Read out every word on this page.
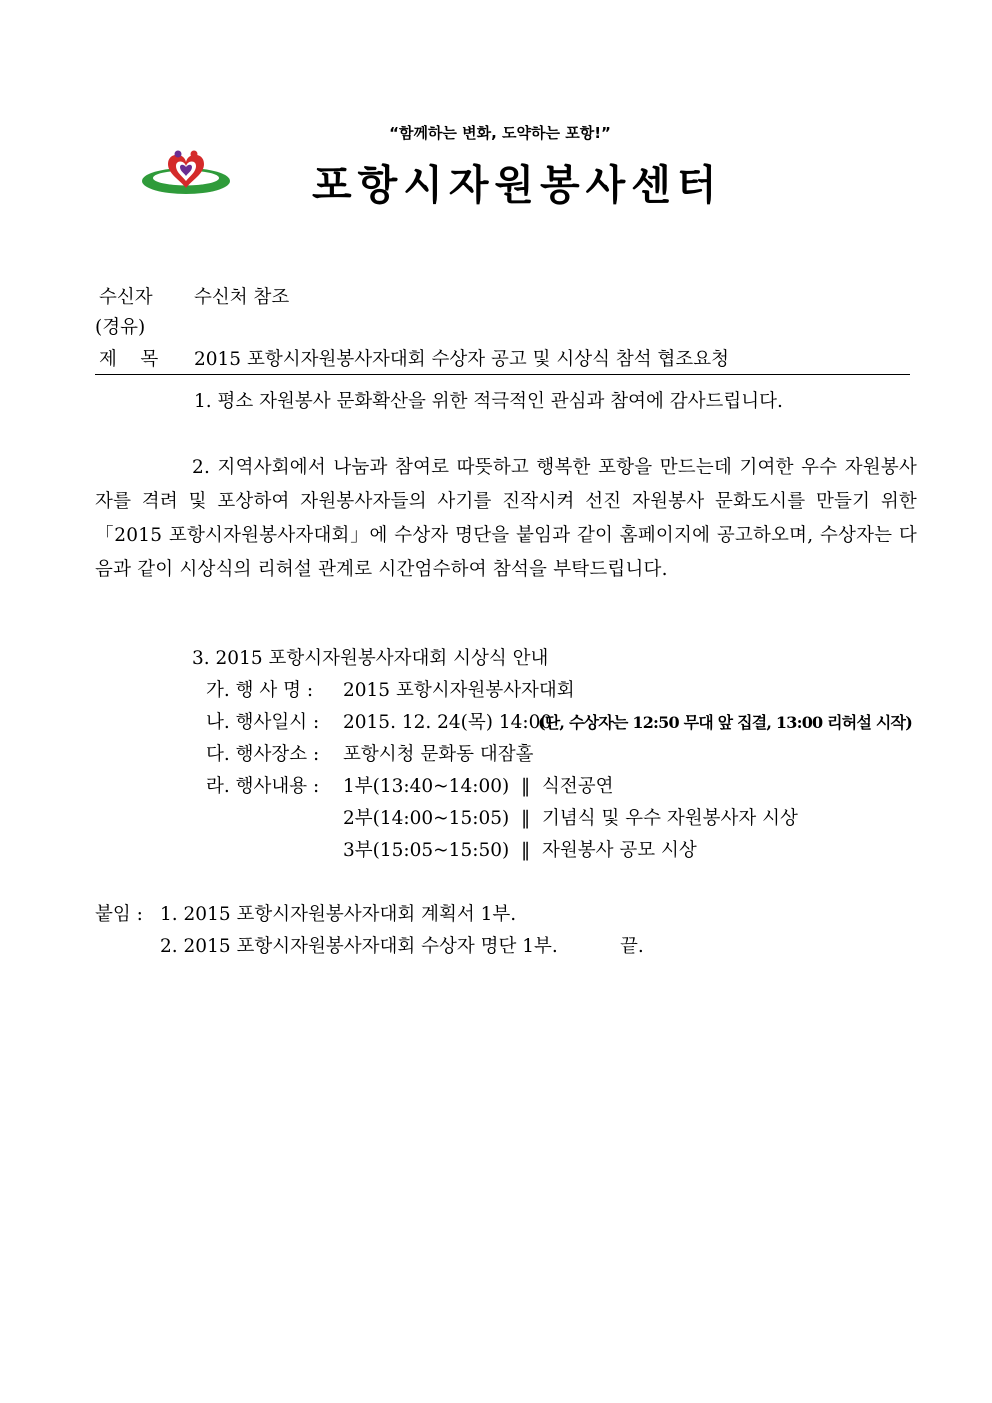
“함께하는 변화, 도약하는 포항!”
포항시자원봉사센터
수신자 수신처 참조
(경유)
제    목 2015 포항시자원봉사자대회 수상자 공고 및 시상식 참석 협조요청
1. 평소 자원봉사 문화확산을 위한 적극적인 관심과 참여에 감사드립니다.
2. 지역사회에서 나눔과 참여로 따뜻하고 행복한 포항을 만드는데 기여한 우수 자원봉사자를 격려 및 포상하여 자원봉사자들의 사기를 진작시켜 선진 자원봉사 문화도시를 만들기 위한「2015 포항시자원봉사자대회」에 수상자 명단을 붙임과 같이 홈페이지에 공고하오며, 수상자는 다음과 같이 시상식의 리허설 관계로 시간엄수하여 참석을 부탁드립니다.
3. 2015 포항시자원봉사자대회 시상식 안내
가. 행 사 명 : 2015 포항시자원봉사자대회
나. 행사일시 : 2015. 12. 24(목) 14:00
(단, 수상자는 12:50 무대 앞 집결, 13:00 리허설 시작)
다. 행사장소 : 포항시청 문화동 대잠홀
라. 행사내용 : 1부(13:40~14:00)  ‖  식전공연
2부(14:00~15:05)  ‖  기념식 및 우수 자원봉사자 시상
3부(15:05~15:50)  ‖  자원봉사 공모 시상
붙임 : 1. 2015 포항시자원봉사자대회 계획서 1부.
2. 2015 포항시자원봉사자대회 수상자 명단 1부.	끝.
